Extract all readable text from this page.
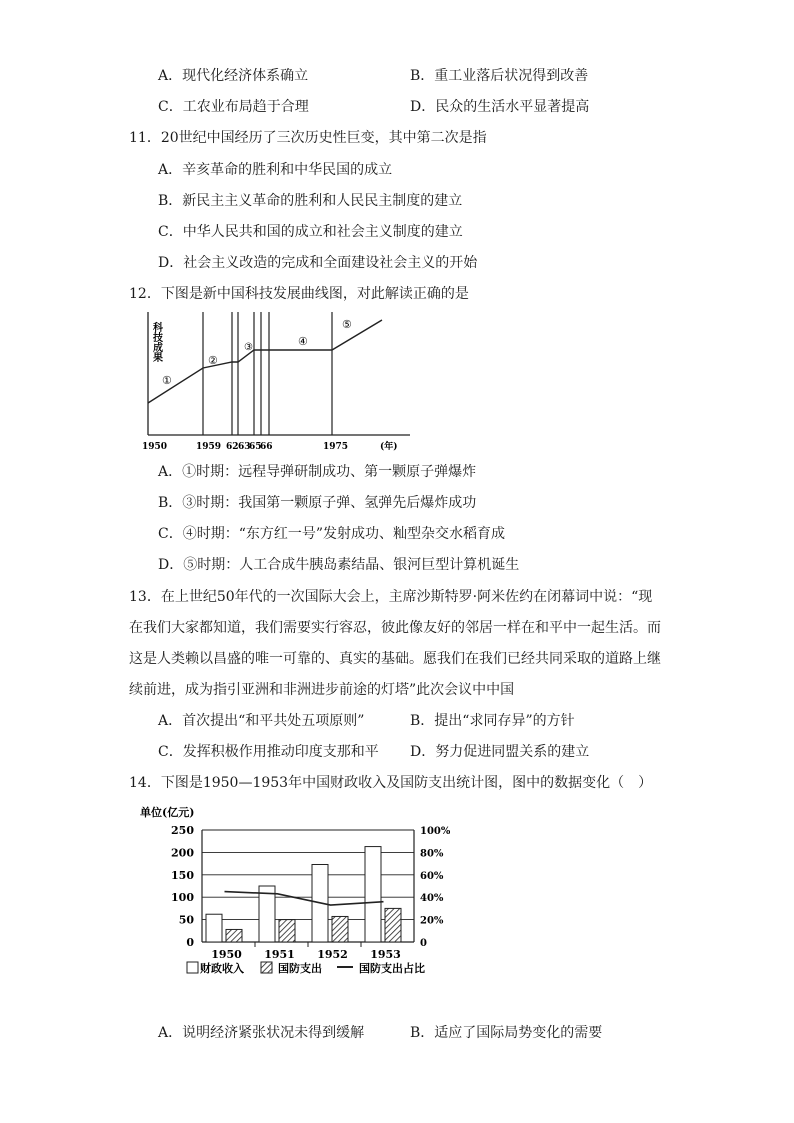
A．现代化经济体系确立	B．重工业落后状况得到改善
C．工农业布局趋于合理	D．民众的生活水平显著提高
11．20世纪中国经历了三次历史性巨变，其中第二次是指
A．辛亥革命的胜利和中华民国的成立
B．新民主主义革命的胜利和人民民主制度的建立
C．中华人民共和国的成立和社会主义制度的建立
D．社会主义改造的完成和全面建设社会主义的开始
12．下图是新中国科技发展曲线图，对此解读正确的是
科技成果
①
②
③	④
⑤
1950	1959 62 63
65
66	1975	(年)
A．①时期：远程导弹研制成功、第一颗原子弹爆炸
B．③时期：我国第一颗原子弹、氢弹先后爆炸成功
C．④时期：“东方红一号”发射成功、籼型杂交水稻育成
D．⑤时期：人工合成牛胰岛素结晶、银河巨型计算机诞生
13．在上世纪50年代的一次国际大会上，主席沙斯特罗·阿米佐约在闭幕词中说：“现
在我们大家都知道，我们需要实行容忍，彼此像友好的邻居一样在和平中一起生活。而
这是人类赖以昌盛的唯一可靠的、真实的基础。愿我们在我们已经共同采取的道路上继
续前进，成为指引亚洲和非洲进步前途的灯塔”此次会议中中国
A．首次提出“和平共处五项原则”	B．提出“求同存异”的方针
C．发挥积极作用推动印度支那和平 D．努力促进同盟关系的建立
14．下图是1950—1953年中国财政收入及国防支出统计图，图中的数据变化（　）
单位(亿元)
250
200
150
100
50
0
100%
80%
60%
40%
20%
0
1950 1951 1952 1953
财政收入	国防支出	国防支出占比
A．说明经济紧张状况未得到缓解	B．适应了国际局势变化的需要
